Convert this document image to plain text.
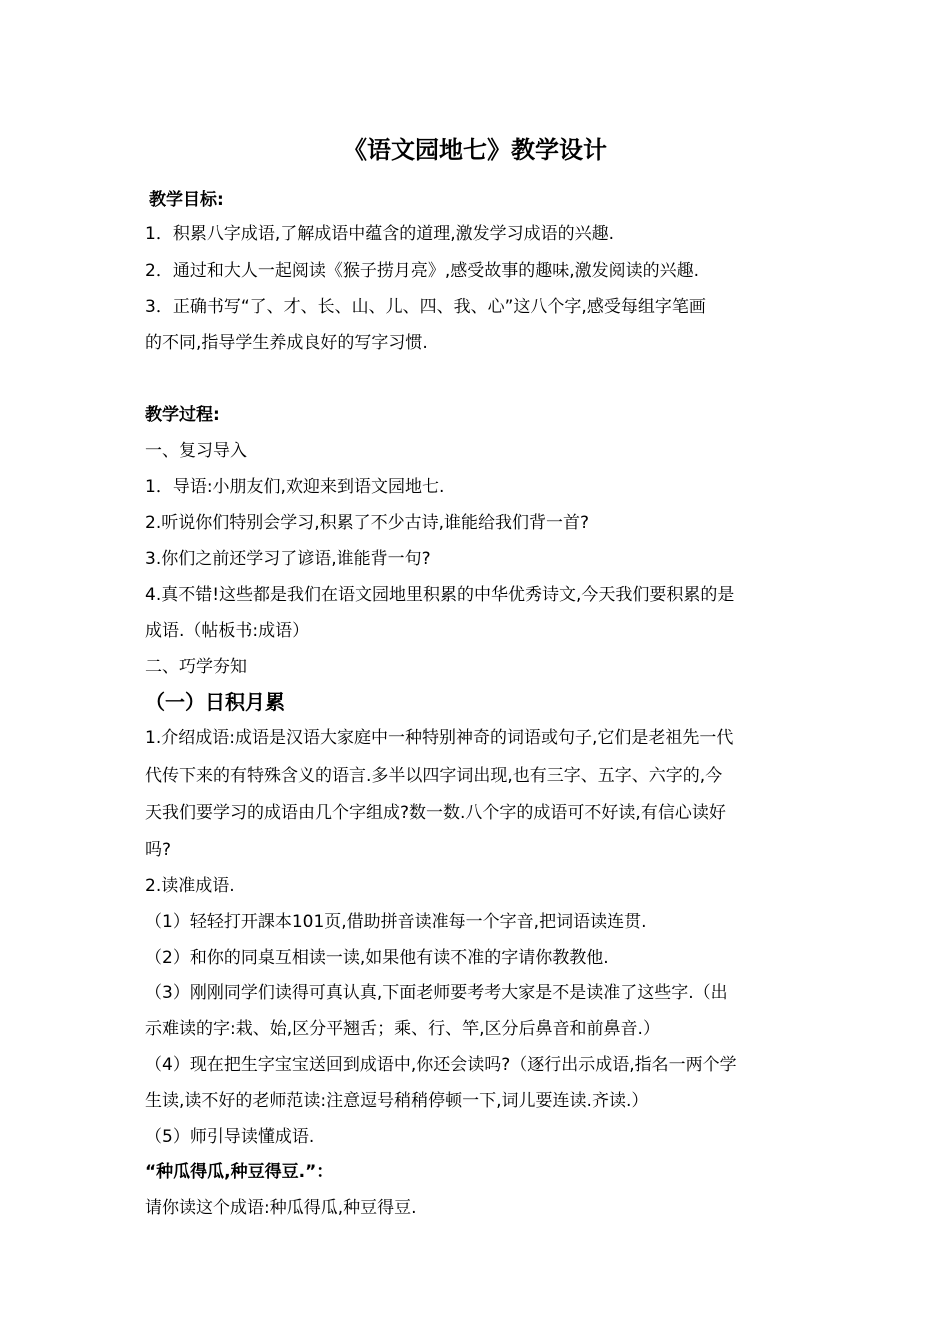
《语文园地七》教学设计
教学目标:
1．积累八字成语,了解成语中蕴含的道理,激发学习成语的兴趣.
2．通过和大人一起阅读《猴子捞月亮》,感受故事的趣味,激发阅读的兴趣.
3．正确书写“了、才、长、山、儿、四、我、心”这八个字,感受每组字笔画
的不同,指导学生养成良好的写字习惯.
教学过程:
一、复习导入
1．导语:小朋友们,欢迎来到语文园地七.
2.听说你们特别会学习,积累了不少古诗,谁能给我们背一首?
3.你们之前还学习了谚语,谁能背一句?
4.真不错!这些都是我们在语文园地里积累的中华优秀诗文,今天我们要积累的是
成语.（帖板书:成语）
二、巧学夯知
（一）日积月累
1.介绍成语:成语是汉语大家庭中一种特别神奇的词语或句子,它们是老祖先一代
代传下来的有特殊含义的语言.多半以四字词出现,也有三字、五字、六字的,今
天我们要学习的成语由几个字组成?数一数.八个字的成语可不好读,有信心读好
吗?
2.读准成语.
（1）轻轻打开課本101页,借助拼音读准每一个字音,把词语读连贯.
（2）和你的同桌互相读一读,如果他有读不准的字请你教教他.
（3）刚刚同学们读得可真认真,下面老师要考考大家是不是读准了这些字.（出
示难读的字:栽、始,区分平翘舌；乘、行、竿,区分后鼻音和前鼻音.）
（4）现在把生字宝宝送回到成语中,你还会读吗?（逐行出示成语,指名一两个学
生读,读不好的老师范读:注意逗号稍稍停顿一下,词儿要连读.齐读.）
（5）师引导读懂成语.
“种瓜得瓜,种豆得豆.”：
请你读这个成语:种瓜得瓜,种豆得豆.
